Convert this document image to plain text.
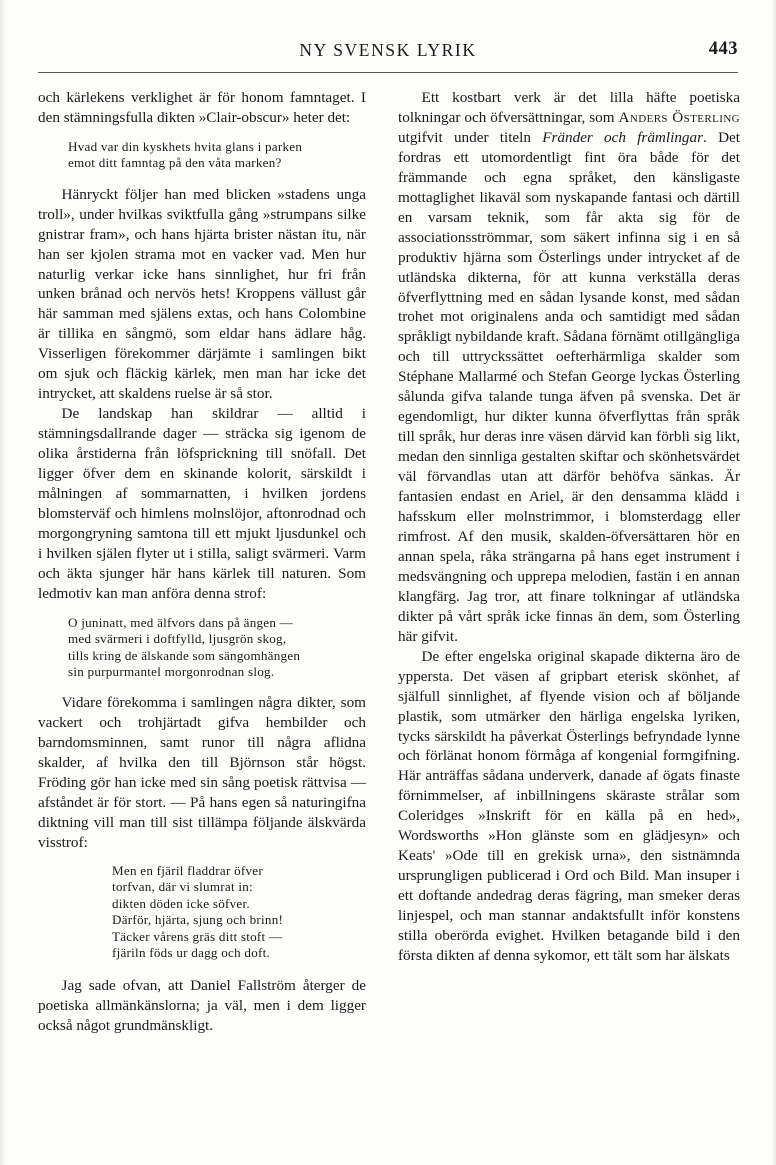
NY SVENSK LYRIK	443

och kärlekens verklighet är för honom famntaget. I den stämningsfulla dikten »Clair-obscur» heter det:

Hvad var din kyskhets hvita glans i parken
emot ditt famntag på den våta marken?

Hänryckt följer han med blicken »stadens unga troll», under hvilkas sviktfulla gång »strumpans silke gnistrar fram», och hans hjärta brister nästan itu, när han ser kjolen strama mot en vacker vad. Men hur naturlig verkar icke hans sinnlighet, hur fri från unken brånad och nervös hets! Kroppens vällust går här samman med själens extas, och hans Colombine är tillika en sångmö, som eldar hans ädlare håg. Visserligen förekommer därjämte i samlingen bikt om sjuk och fläckig kärlek, men man har icke det intrycket, att skaldens ruelse är så stor.

De landskap han skildrar — alltid i stämningsdallrande dager — sträcka sig igenom de olika årstiderna från löfsprickning till snöfall. Det ligger öfver dem en skinande kolorit, särskildt i målningen af sommarnatten, i hvilken jordens blomsterväf och himlens molnslöjor, aftonrodnad och morgongryning samtona till ett mjukt ljusdunkel och i hvilken själen flyter ut i stilla, saligt svärmeri. Varm och äkta sjunger här hans kärlek till naturen. Som ledmotiv kan man anföra denna strof:

O juninatt, med älfvors dans på ängen —
med svärmeri i doftfylld, ljusgrön skog,
tills kring de älskande som sängomhängen
sin purpurmantel morgonrodnan slog.

Vidare förekomma i samlingen några dikter, som vackert och trohjärtadt gifva hembilder och barndomsminnen, samt runor till några aflidna skalder, af hvilka den till Björnson står högst. Fröding gör han icke med sin sång poetisk rättvisa — afståndet är för stort. — På hans egen så naturingifna diktning vill man till sist tillämpa följande älskvärda visstrof:

Men en fjäril fladdrar öfver
torfvan, där vi slumrat in:
dikten döden icke söfver.
Därför, hjärta, sjung och brinn!
Täcker vårens gräs ditt stoft —
fjäriln föds ur dagg och doft.

Jag sade ofvan, att Daniel Fallström återger de poetiska allmänkänslorna; ja väl, men i dem ligger också något grundmänskligt.

Ett kostbart verk är det lilla häfte poetiska tolkningar och öfversättningar, som Anders Österling utgifvit under titeln Fränder och främlingar. Det fordras ett utomordentligt fint öra både för det främmande och egna språket, den känsligaste mottaglighet likaväl som nyskapande fantasi och därtill en varsam teknik, som får akta sig för de associationsströmmar, som säkert infinna sig i en så produktiv hjärna som Österlings under intrycket af de utländska dikterna, för att kunna verkställa deras öfverflyttning med en sådan lysande konst, med sådan trohet mot originalens anda och samtidigt med sådan språkligt nybildande kraft. Sådana förnämt otillgängliga och till uttryckssättet oefterhärmliga skalder som Stéphane Mallarmé och Stefan George lyckas Österling sålunda gifva talande tunga äfven på svenska. Det är egendomligt, hur dikter kunna öfverflyttas från språk till språk, hur deras inre väsen därvid kan förbli sig likt, medan den sinnliga gestalten skiftar och skönhetsvärdet väl förvandlas utan att därför behöfva sänkas. Är fantasien endast en Ariel, är den densamma klädd i hafsskum eller molnstrimmor, i blomsterdagg eller rimfrost. Af den musik, skalden-öfversättaren hör en annan spela, råka strängarna på hans eget instrument i medsvängning och upprepa melodien, fastän i en annan klangfärg. Jag tror, att finare tolkningar af utländska dikter på vårt språk icke finnas än dem, som Österling här gifvit.

De efter engelska original skapade dikterna äro de yppersta. Det väsen af gripbart eterisk skönhet, af själfull sinnlighet, af flyende vision och af böljande plastik, som utmärker den härliga engelska lyriken, tycks särskildt ha påverkat Österlings befryndade lynne och förlänat honom förmåga af kongenial formgifning. Här anträffas sådana underverk, danade af ögats finaste förnimmelser, af inbillningens skäraste strålar som Coleridges »Inskrift för en källa på en hed», Wordsworths »Hon glänste som en glädjesyn» och Keats' »Ode till en grekisk urna», den sistnämnda ursprungligen publicerad i Ord och Bild. Man insuper i ett doftande andedrag deras fägring, man smeker deras linjespel, och man stannar andaktsfullt inför konstens stilla oberörda evighet. Hvilken betagande bild i den första dikten af denna sykomor, ett tält som har älskats
